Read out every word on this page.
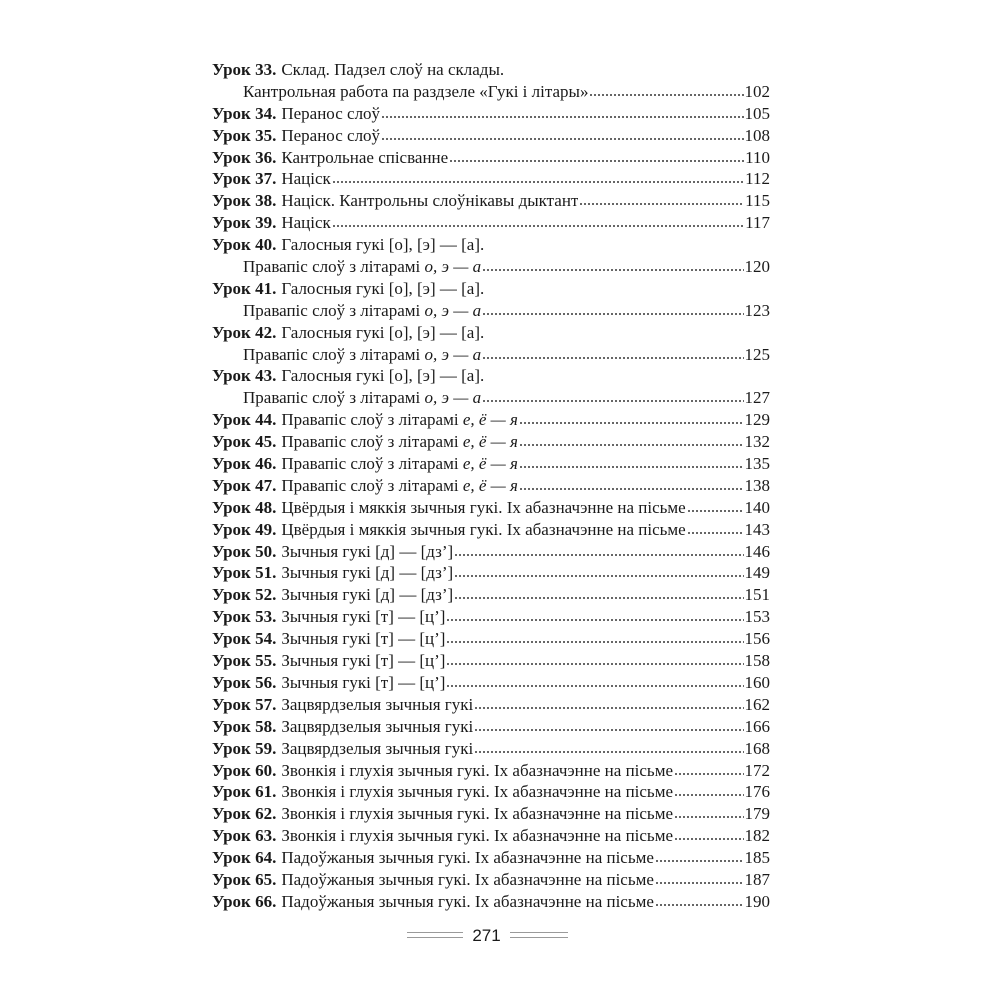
Урок 33. Склад. Падзел слоў на склады.
Кантрольная работа па раздзеле «Гукі і літары»	102
Урок 34. Перанос слоў	105
Урок 35. Перанос слоў	108
Урок 36. Кантрольнае спісванне	110
Урок 37. Націск	112
Урок 38. Націск. Кантрольны слоўнікавы дыктант	115
Урок 39. Націск	117
Урок 40. Галосныя гукі [о], [э] — [а].
Правапіс слоў з літарамі о, э — а	120
Урок 41. Галосныя гукі [о], [э] — [а].
Правапіс слоў з літарамі о, э — а	123
Урок 42. Галосныя гукі [о], [э] — [а].
Правапіс слоў з літарамі о, э — а	125
Урок 43. Галосныя гукі [о], [э] — [а].
Правапіс слоў з літарамі о, э — а	127
Урок 44. Правапіс слоў з літарамі е, ё — я	129
Урок 45. Правапіс слоў з літарамі е, ё — я	132
Урок 46. Правапіс слоў з літарамі е, ё — я	135
Урок 47. Правапіс слоў з літарамі е, ё — я	138
Урок 48. Цвёрдыя і мяккія зычныя гукі. Іх абазначэнне на пісьме	140
Урок 49. Цвёрдыя і мяккія зычныя гукі. Іх абазначэнне на пісьме	143
Урок 50. Зычныя гукі [д] — [дз’]	146
Урок 51. Зычныя гукі [д] — [дз’]	149
Урок 52. Зычныя гукі [д] — [дз’]	151
Урок 53. Зычныя гукі [т] — [ц’]	153
Урок 54. Зычныя гукі [т] — [ц’]	156
Урок 55. Зычныя гукі [т] — [ц’]	158
Урок 56. Зычныя гукі [т] — [ц’]	160
Урок 57. Зацвярдзелыя зычныя гукі	162
Урок 58. Зацвярдзелыя зычныя гукі	166
Урок 59. Зацвярдзелыя зычныя гукі	168
Урок 60. Звонкія і глухія зычныя гукі. Іх абазначэнне на пісьме	172
Урок 61. Звонкія і глухія зычныя гукі. Іх абазначэнне на пісьме	176
Урок 62. Звонкія і глухія зычныя гукі. Іх абазначэнне на пісьме	179
Урок 63. Звонкія і глухія зычныя гукі. Іх абазначэнне на пісьме	182
Урок 64. Падоўжаныя зычныя гукі. Іх абазначэнне на пісьме	185
Урок 65. Падоўжаныя зычныя гукі. Іх абазначэнне на пісьме	187
Урок 66. Падоўжаныя зычныя гукі. Іх абазначэнне на пісьме	190
271
